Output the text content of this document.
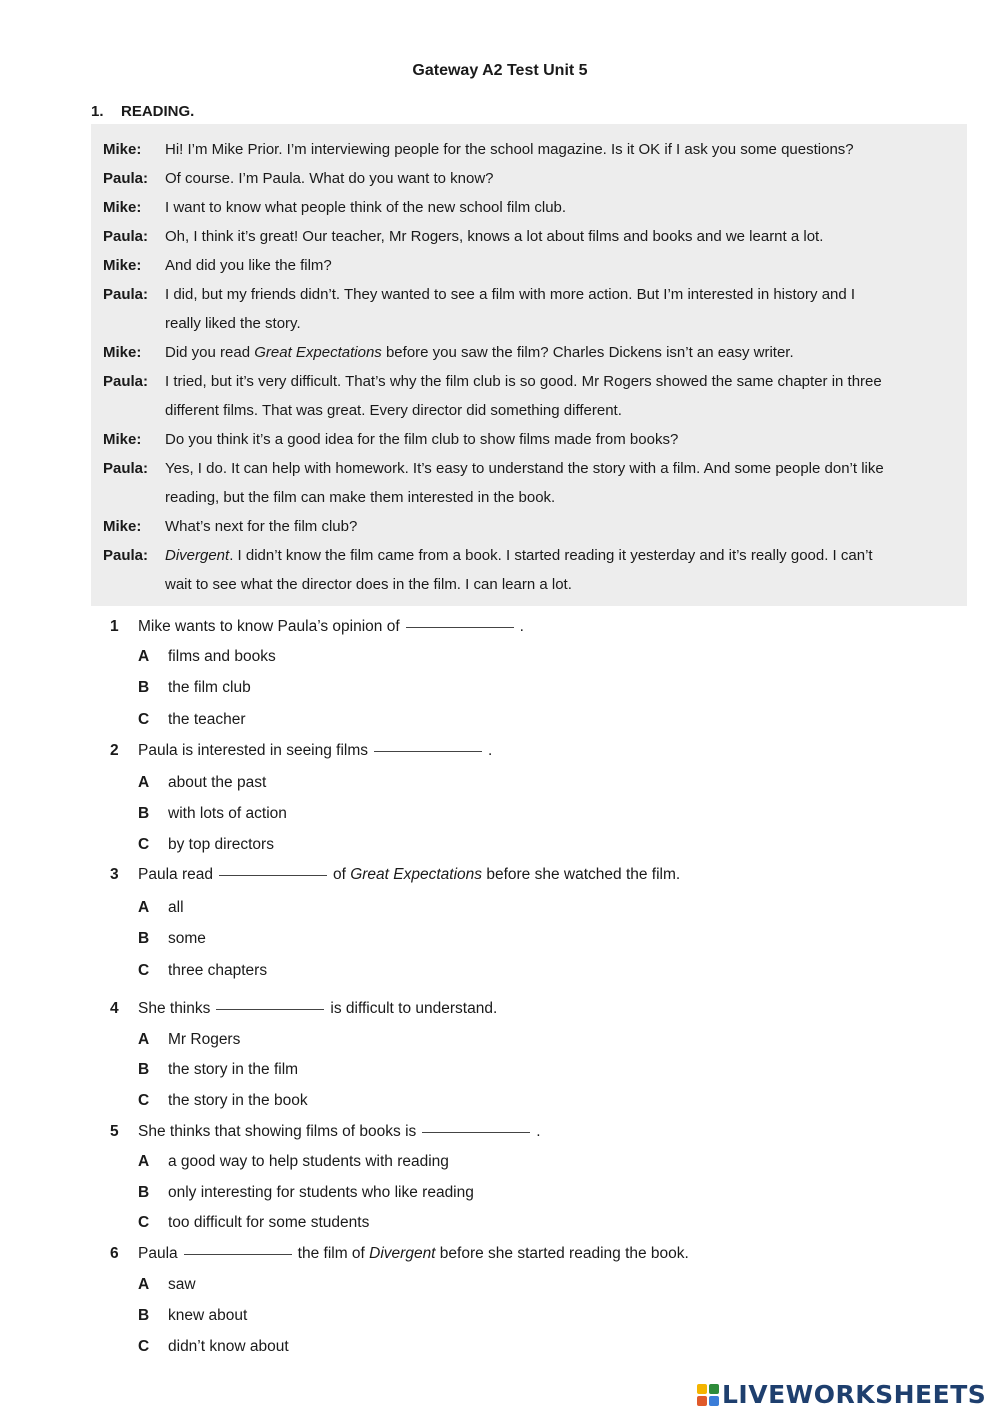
Gateway A2 Test Unit 5
1. READING.
Mike: Hi! I’m Mike Prior. I’m interviewing people for the school magazine. Is it OK if I ask you some questions?
Paula: Of course. I’m Paula. What do you want to know?
Mike: I want to know what people think of the new school film club.
Paula: Oh, I think it’s great! Our teacher, Mr Rogers, knows a lot about films and books and we learnt a lot.
Mike: And did you like the film?
Paula: I did, but my friends didn’t. They wanted to see a film with more action. But I’m interested in history and I
really liked the story.
Mike: Did you read Great Expectations before you saw the film? Charles Dickens isn’t an easy writer.
Paula: I tried, but it’s very difficult. That’s why the film club is so good. Mr Rogers showed the same chapter in three
different films. That was great. Every director did something different.
Mike: Do you think it’s a good idea for the film club to show films made from books?
Paula: Yes, I do. It can help with homework. It’s easy to understand the story with a film. And some people don’t like
reading, but the film can make them interested in the book.
Mike: What’s next for the film club?
Paula: Divergent. I didn’t know the film came from a book. I started reading it yesterday and it’s really good. I can’t
wait to see what the director does in the film. I can learn a lot.
1 Mike wants to know Paula’s opinion of	.
A films and books
B the film club
C the teacher
2 Paula is interested in seeing films	.
A about the past
B with lots of action
C by top directors
3 Paula read	of Great Expectations before she watched the film.
A all
B some
C three chapters
4 She thinks	is difficult to understand.
A Mr Rogers
B the story in the film
C the story in the book
5 She thinks that showing films of books is	.
A a good way to help students with reading
B only interesting for students who like reading
C too difficult for some students
6 Paula	the film of Divergent before she started reading the book.
A saw
B knew about
C didn’t know about
LIVEWORKSHEETS
